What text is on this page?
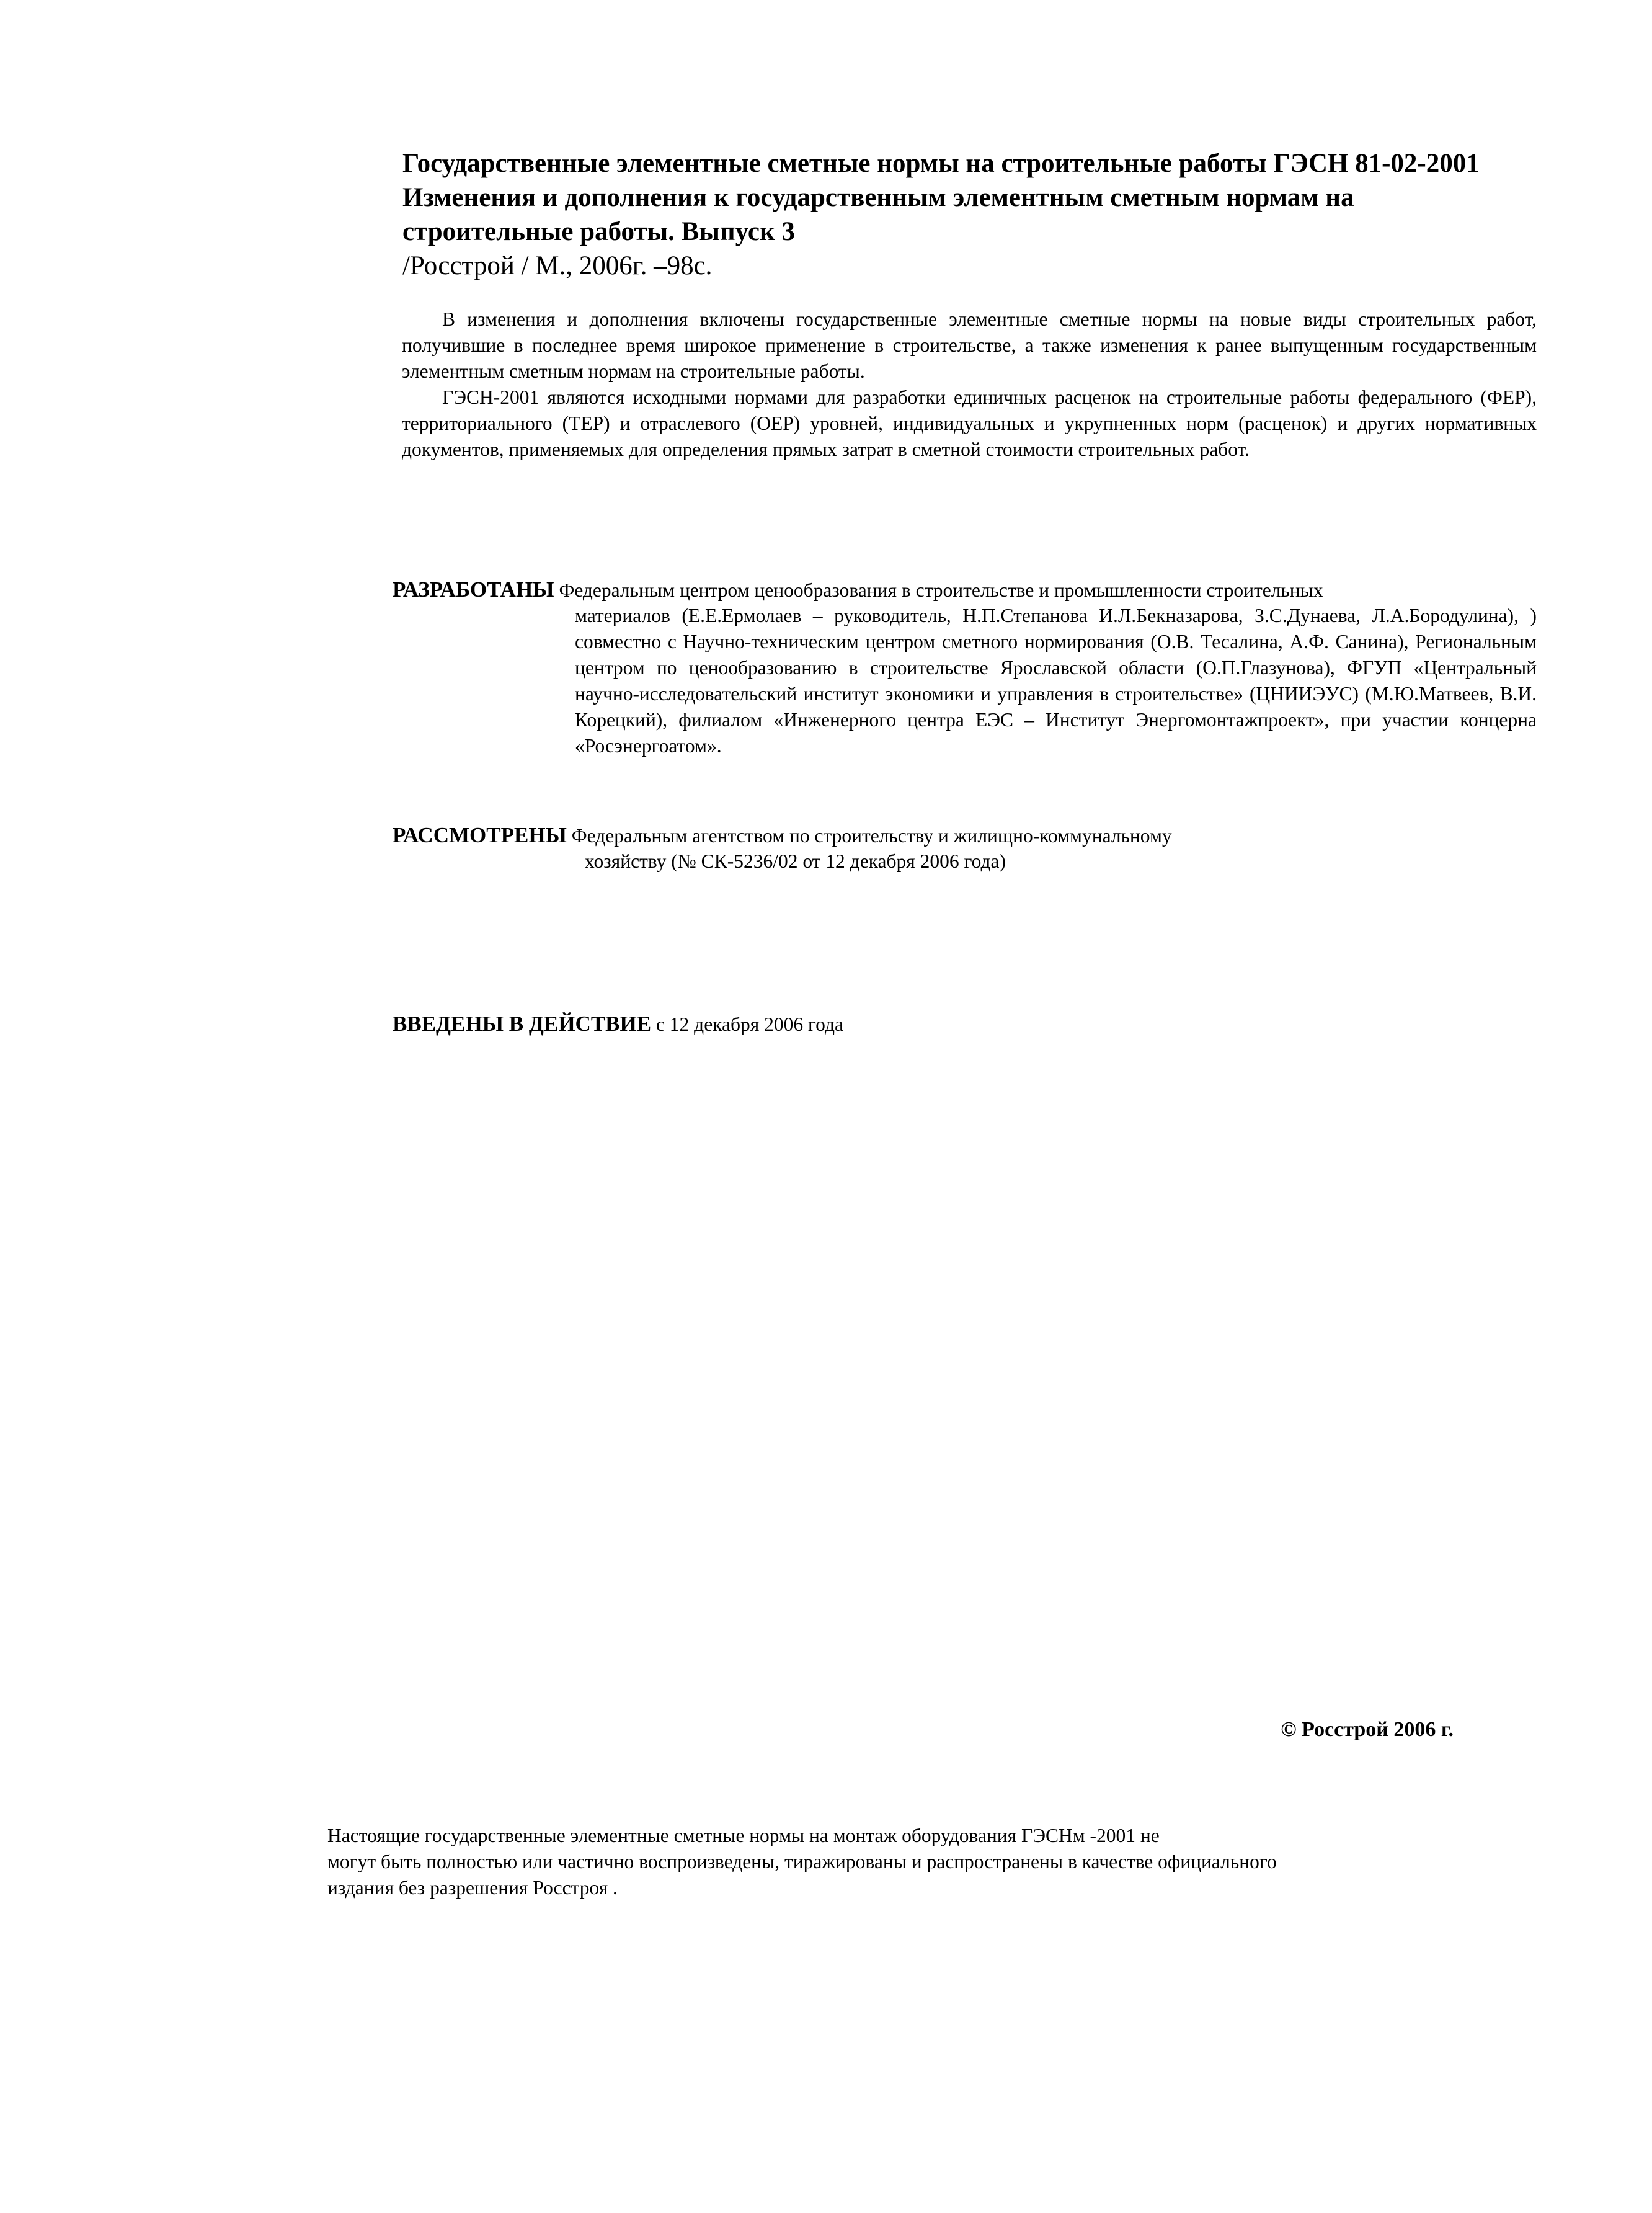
Государственные элементные сметные нормы на строительные работы ГЭСН 81-02-2001
Изменения и дополнения к государственным элементным сметным нормам на
строительные работы. Выпуск 3
/Росстрой / М., 2006г. –98с.

В изменения и дополнения включены государственные элементные сметные нормы на новые виды строительных работ, получившие в последнее время широкое применение в строительстве, а также изменения к ранее выпущенным государственным элементным сметным нормам на строительные работы.

ГЭСН-2001 являются исходными нормами для разработки единичных расценок на строительные работы федерального (ФЕР), территориального (ТЕР) и отраслевого (ОЕР) уровней, индивидуальных и укрупненных норм (расценок) и других нормативных документов, применяемых для определения прямых затрат в сметной стоимости строительных работ.

РАЗРАБОТАНЫ Федеральным центром ценообразования в строительстве и промышленности строительных
материалов (Е.Е.Ермолаев – руководитель, Н.П.Степанова И.Л.Бекназарова, З.С.Дунаева, Л.А.Бородулина), ) совместно с Научно-техническим центром сметного нормирования (О.В. Тесалина, А.Ф. Санина), Региональным центром по ценообразованию в строительстве Ярославской области (О.П.Глазунова), ФГУП «Центральный научно-исследовательский институт экономики и управления в строительстве» (ЦНИИЭУС) (М.Ю.Матвеев, В.И. Корецкий), филиалом «Инженерного центра ЕЭС – Институт Энергомонтажпроект», при участии концерна «Росэнергоатом».
РАССМОТРЕНЫ Федеральным агентством по строительству и жилищно-коммунальному
хозяйству (№ СК-5236/02 от 12 декабря 2006 года)
ВВЕДЕНЫ В ДЕЙСТВИЕ с 12 декабря 2006 года
© Росстрой 2006 г.
Настоящие государственные элементные сметные нормы на монтаж оборудования ГЭСНм -2001 не
могут быть полностью или частично воспроизведены, тиражированы и распространены в качестве официального
издания без разрешения Росстроя .
